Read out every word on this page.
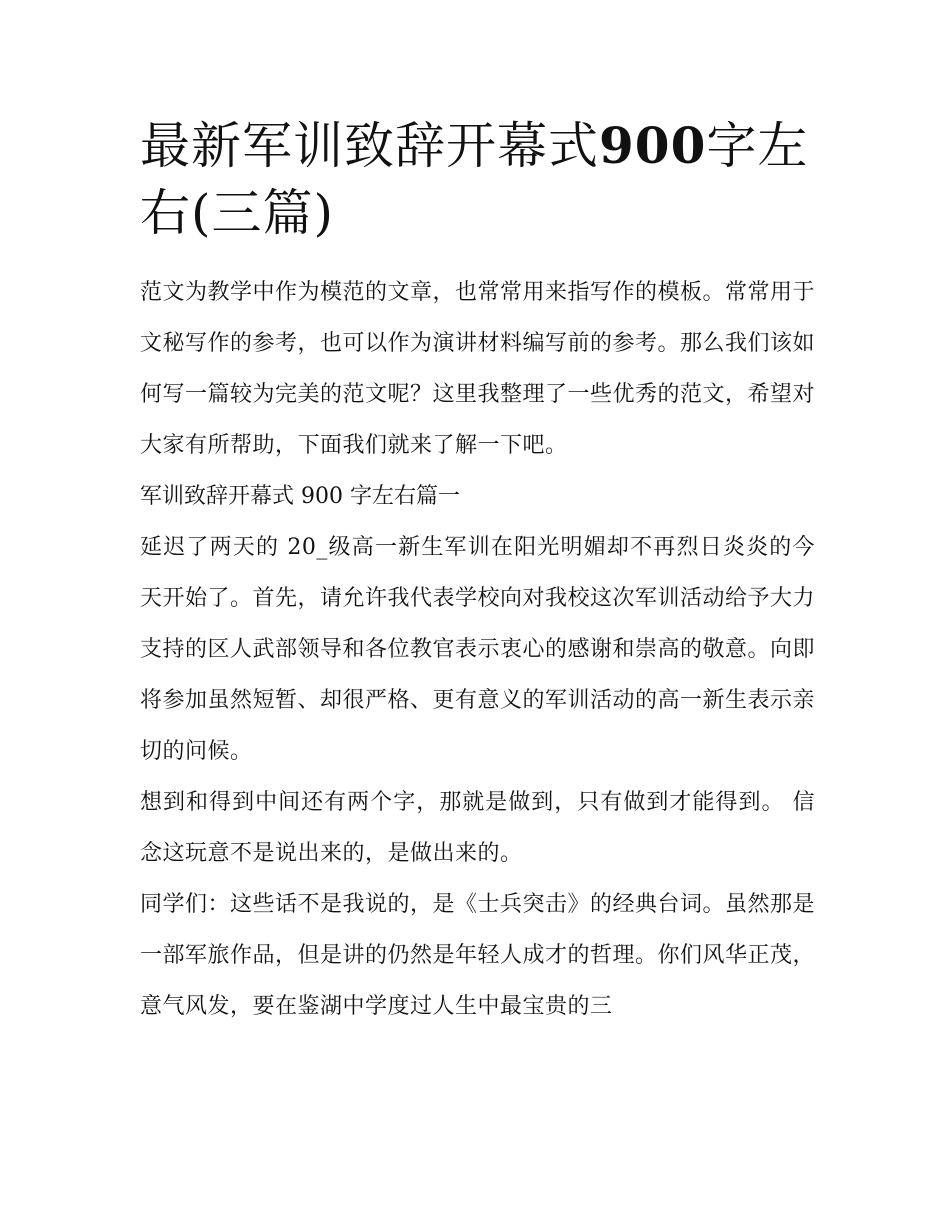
最新军训致辞开幕式900字左右(三篇)

范文为教学中作为模范的文章，也常常用来指写作的模板。常常用于文秘写作的参考，也可以作为演讲材料编写前的参考。那么我们该如何写一篇较为完美的范文呢？这里我整理了一些优秀的范文，希望对大家有所帮助，下面我们就来了解一下吧。

军训致辞开幕式 900 字左右篇一

延迟了两天的 20_级高一新生军训在阳光明媚却不再烈日炎炎的今天开始了。首先，请允许我代表学校向对我校这次军训活动给予大力支持的区人武部领导和各位教官表示衷心的感谢和崇高的敬意。向即将参加虽然短暂、却很严格、更有意义的军训活动的高一新生表示亲切的问候。

想到和得到中间还有两个字，那就是做到，只有做到才能得到。 信念这玩意不是说出来的，是做出来的。

同学们：这些话不是我说的，是《士兵突击》的经典台词。虽然那是一部军旅作品，但是讲的仍然是年轻人成才的哲理。你们风华正茂，意气风发，要在鉴湖中学度过人生中最宝贵的三
